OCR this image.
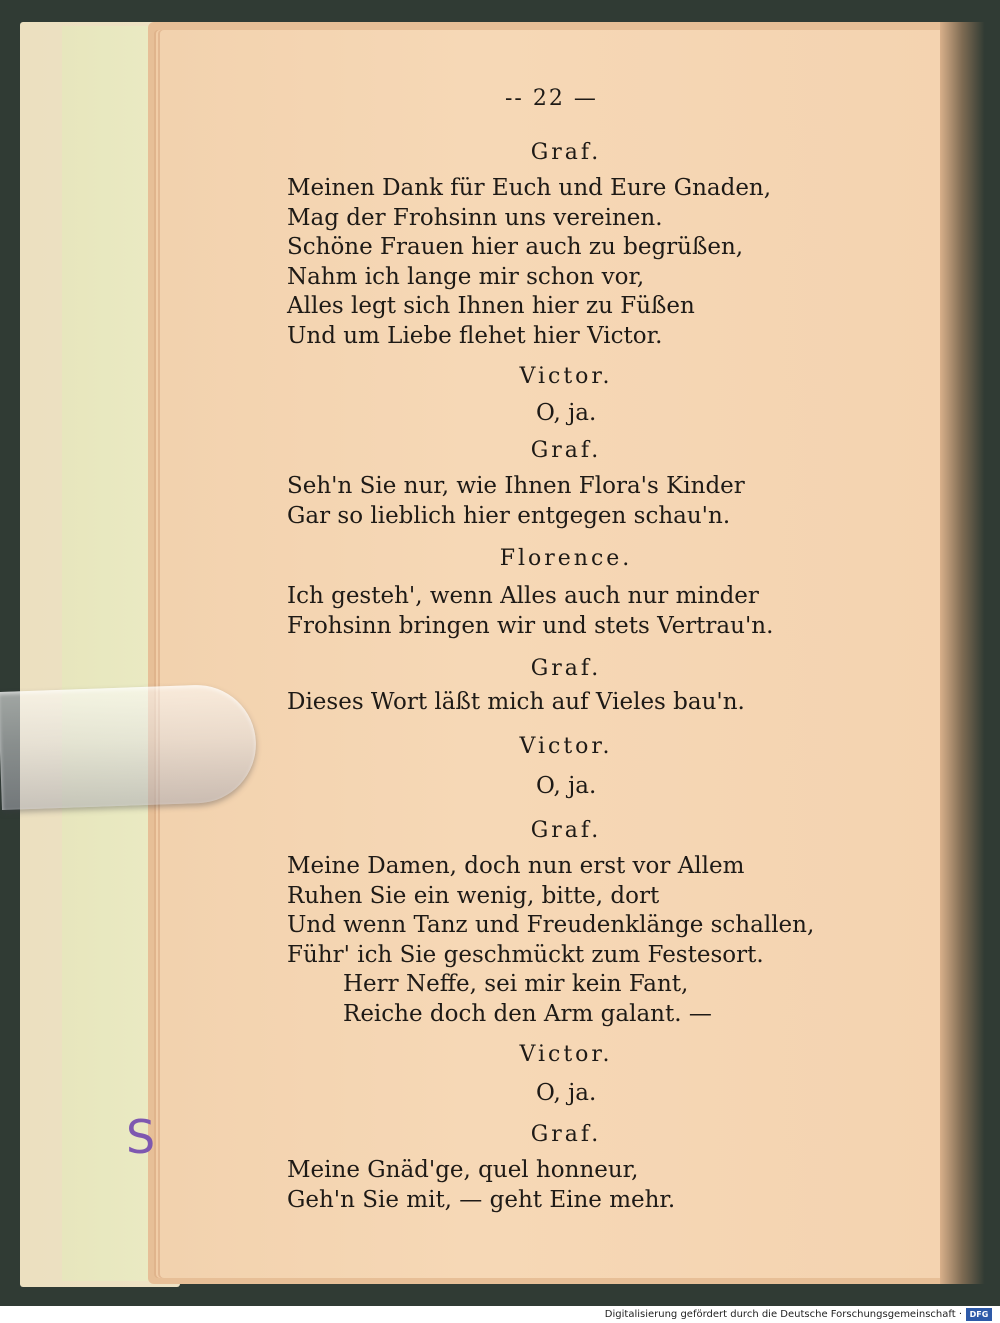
S
-- 22 —
Graf.
Meinen Dank für Euch und Eure Gnaden,
Mag der Frohsinn uns vereinen.
Schöne Frauen hier auch zu begrüßen,
Nahm ich lange mir schon vor,
Alles legt sich Ihnen hier zu Füßen
Und um Liebe flehet hier Victor.
Victor.
O, ja.
Graf.
Seh'n Sie nur, wie Ihnen Flora's Kinder
Gar so lieblich hier entgegen schau'n.
Florence.
Ich gesteh', wenn Alles auch nur minder
Frohsinn bringen wir und stets Vertrau'n.
Graf.
Dieses Wort läßt mich auf Vieles bau'n.
Victor.
O, ja.
Graf.
Meine Damen, doch nun erst vor Allem
Ruhen Sie ein wenig, bitte, dort
Und wenn Tanz und Freudenklänge schallen,
Führ' ich Sie geschmückt zum Festesort.
Herr Neffe, sei mir kein Fant,
Reiche doch den Arm galant. —
Victor.
O, ja.
Graf.
Meine Gnäd'ge, quel honneur,
Geh'n Sie mit, — geht Eine mehr.
Digitalisierung gefördert durch die Deutsche Forschungsgemeinschaft · DFG
